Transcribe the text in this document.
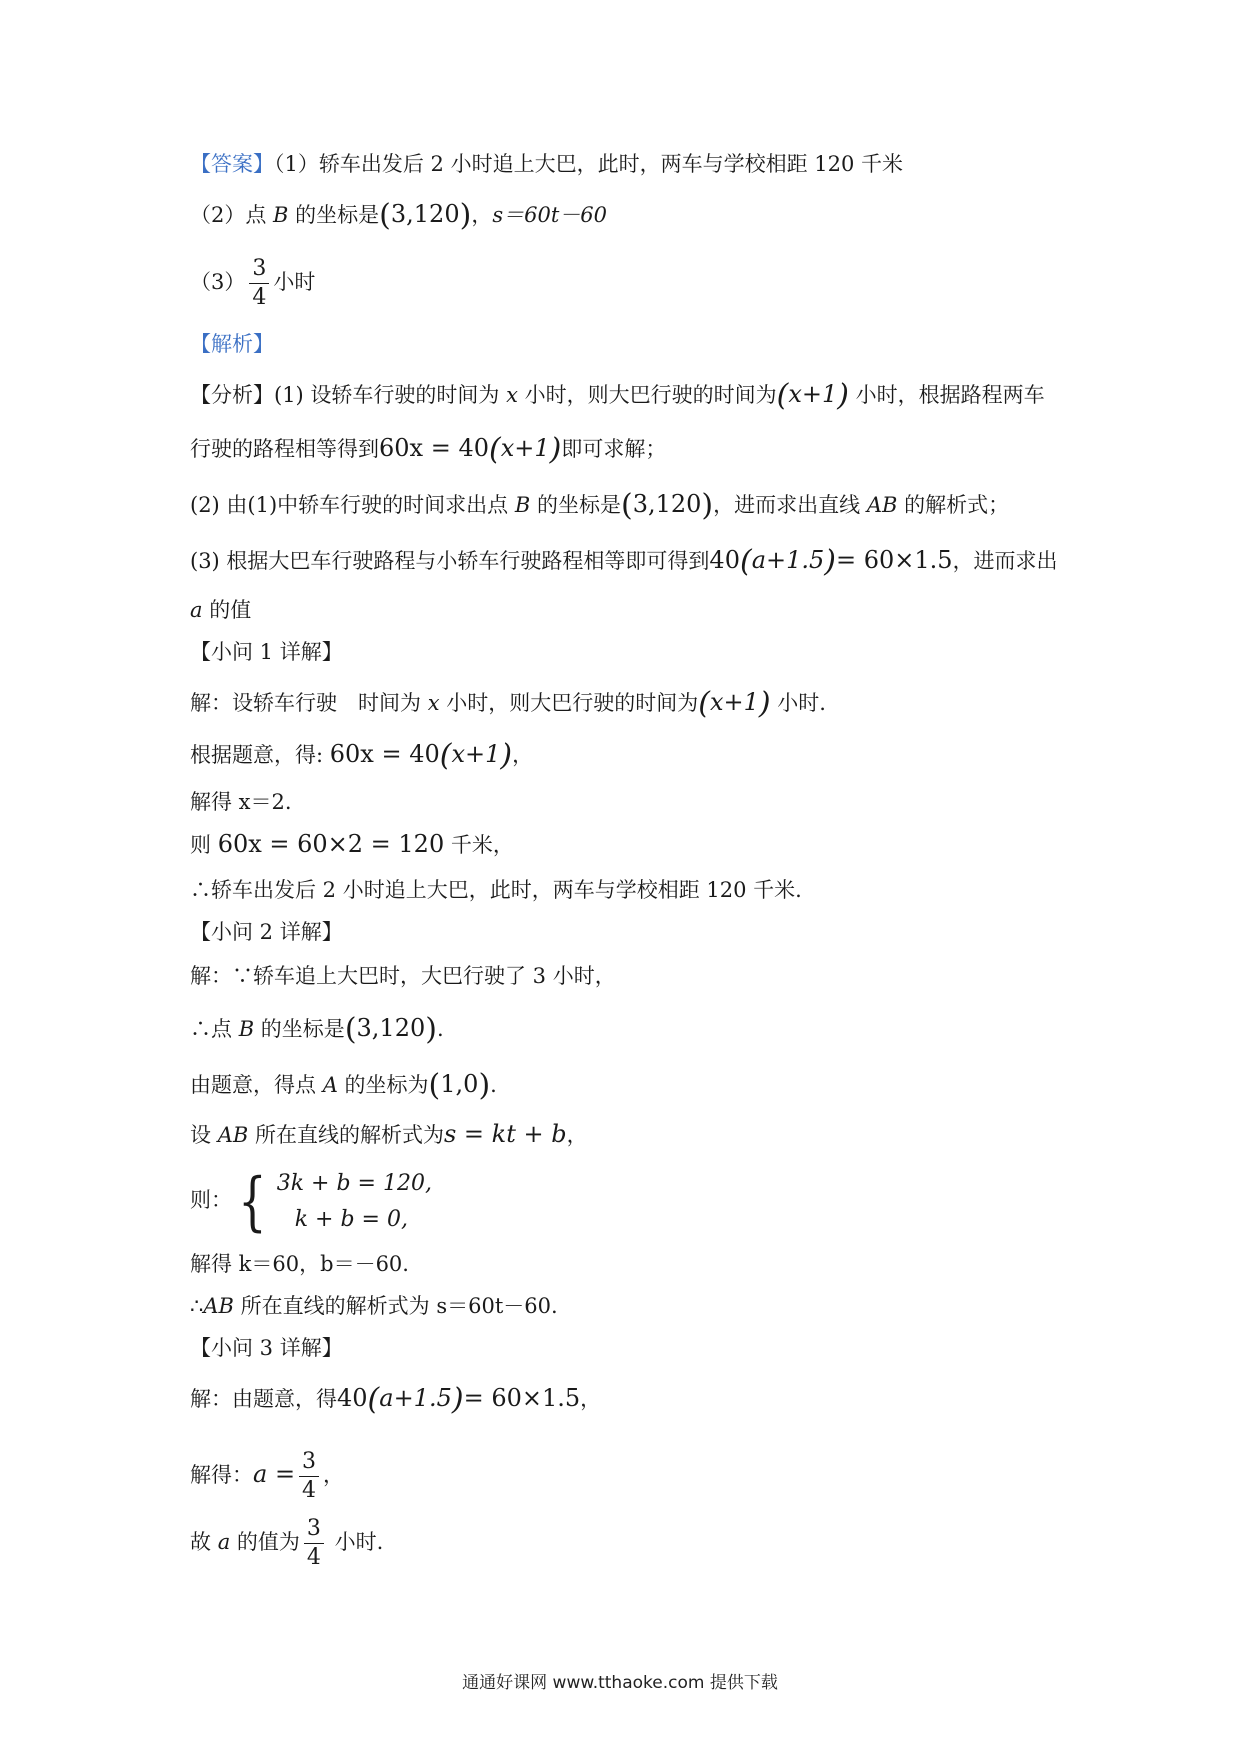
【答案】（1）轿车出发后 2 小时追上大巴，此时，两车与学校相距 120 千米
（2）点 B 的坐标是(3,120)，s＝60t－60
$(3) \frac{3}{4}$ 小时
【解析】
【分析】(1) 设轿车行驶的时间为 x 小时，则大巴行驶的时间为(x+1) 小时，根据路程两车
行驶的路程相等得到60x = 40(x+1)即可求解；
(2) 由(1)中轿车行驶的时间求出点 B 的坐标是(3,120)，进而求出直线 AB 的解析式；
(3) 根据大巴车行驶路程与小轿车行驶路程相等即可得到40(a+1.5)= 60×1.5，进而求出
a 的值
【小问 1 详解】
解：设轿车行驶　时间为 x 小时，则大巴行驶的时间为(x+1) 小时.
根据题意，得: 60x = 40(x+1)，
解得 x＝2.
则 60x = 60×2 = 120 千米，
∴轿车出发后 2 小时追上大巴，此时，两车与学校相距 120 千米.
【小问 2 详解】
解：∵轿车追上大巴时，大巴行驶了 3 小时，
∴点 B 的坐标是(3,120).
由题意，得点 A 的坐标为(1,0).
设 AB 所在直线的解析式为s = kt + b，
则： { 3k + b = 120,
k + b = 0,
解得 k＝60，b＝－60.
∴AB 所在直线的解析式为 s＝60t－60.
【小问 3 详解】
解：由题意，得40(a+1.5)= 60×1.5，
解得：$a = \frac{3}{4}$ ，
故 a 的值为 $\frac{3}{4}$ 小时.
通通好课网 www.tthaoke.com 提供下载
